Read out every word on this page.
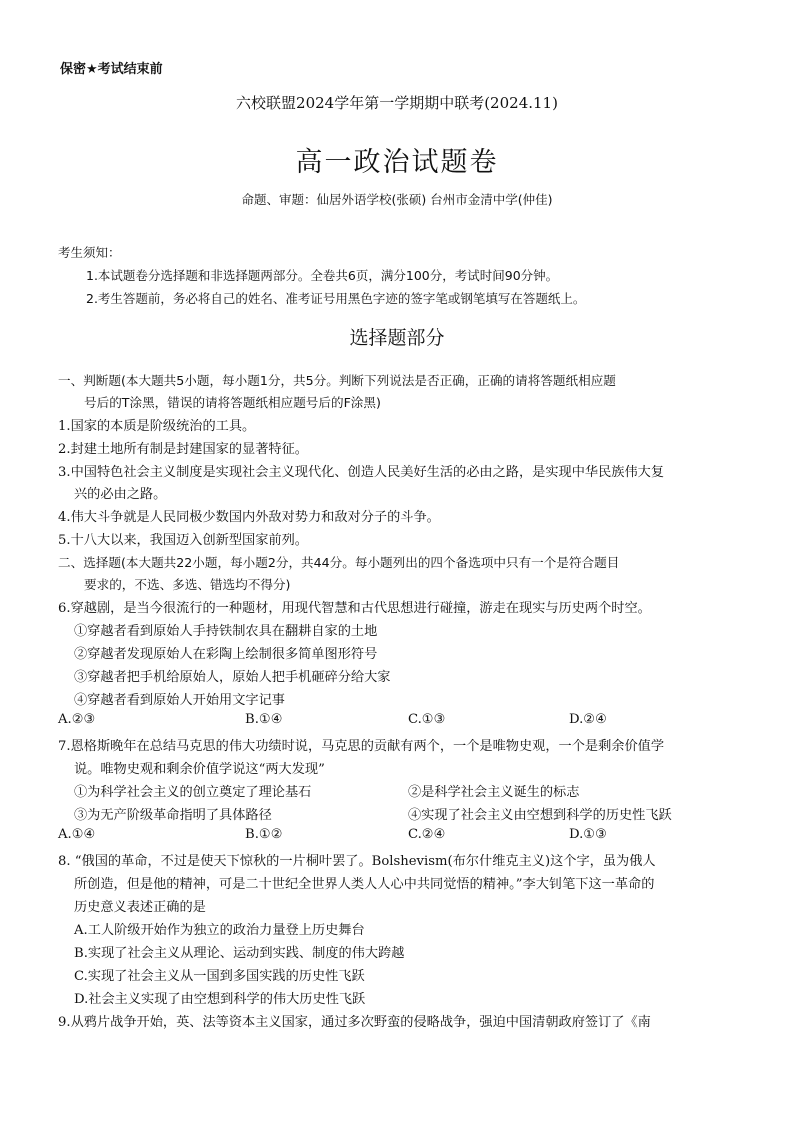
保密★考试结束前
六校联盟2024学年第一学期期中联考(2024.11)
高一政治试题卷
命题、审题：仙居外语学校(张硕) 台州市金清中学(仲佳)
考生须知：
1.本试题卷分选择题和非选择题两部分。全卷共6页，满分100分，考试时间90分钟。
2.考生答题前，务必将自己的姓名、准考证号用黑色字迹的签字笔或钢笔填写在答题纸上。
选择题部分
一、判断题(本大题共5小题，每小题1分，共5分。判断下列说法是否正确，正确的请将答题纸相应题
号后的T涂黑，错误的请将答题纸相应题号后的F涂黑)
1.国家的本质是阶级统治的工具。
2.封建土地所有制是封建国家的显著特征。
3.中国特色社会主义制度是实现社会主义现代化、创造人民美好生活的必由之路，是实现中华民族伟大复
兴的必由之路。
4.伟大斗争就是人民同极少数国内外敌对势力和敌对分子的斗争。
5.十八大以来，我国迈入创新型国家前列。
二、选择题(本大题共22小题，每小题2分，共44分。每小题列出的四个备选项中只有一个是符合题目
要求的，不选、多选、错选均不得分)
6.穿越剧，是当今很流行的一种题材，用现代智慧和古代思想进行碰撞，游走在现实与历史两个时空。
①穿越者看到原始人手持铁制农具在翻耕自家的土地
②穿越者发现原始人在彩陶上绘制很多简单图形符号
③穿越者把手机给原始人，原始人把手机砸碎分给大家
④穿越者看到原始人开始用文字记事
A.②③	B.①④	C.①③	D.②④
7.恩格斯晚年在总结马克思的伟大功绩时说，马克思的贡献有两个，一个是唯物史观，一个是剩余价值学
说。唯物史观和剩余价值学说这“两大发现”
①为科学社会主义的创立奠定了理论基石	②是科学社会主义诞生的标志
③为无产阶级革命指明了具体路径	④实现了社会主义由空想到科学的历史性飞跃
A.①④	B.①②	C.②④	D.①③
8. “俄国的革命，不过是使天下惊秋的一片桐叶罢了。Bolshevism(布尔什维克主义)这个字，虽为俄人
所创造，但是他的精神，可是二十世纪全世界人类人人心中共同觉悟的精神。”李大钊笔下这一革命的
历史意义表述正确的是
A.工人阶级开始作为独立的政治力量登上历史舞台
B.实现了社会主义从理论、运动到实践、制度的伟大跨越
C.实现了社会主义从一国到多国实践的历史性飞跃
D.社会主义实现了由空想到科学的伟大历史性飞跃
9.从鸦片战争开始，英、法等资本主义国家，通过多次野蛮的侵略战争，强迫中国清朝政府签订了《南
